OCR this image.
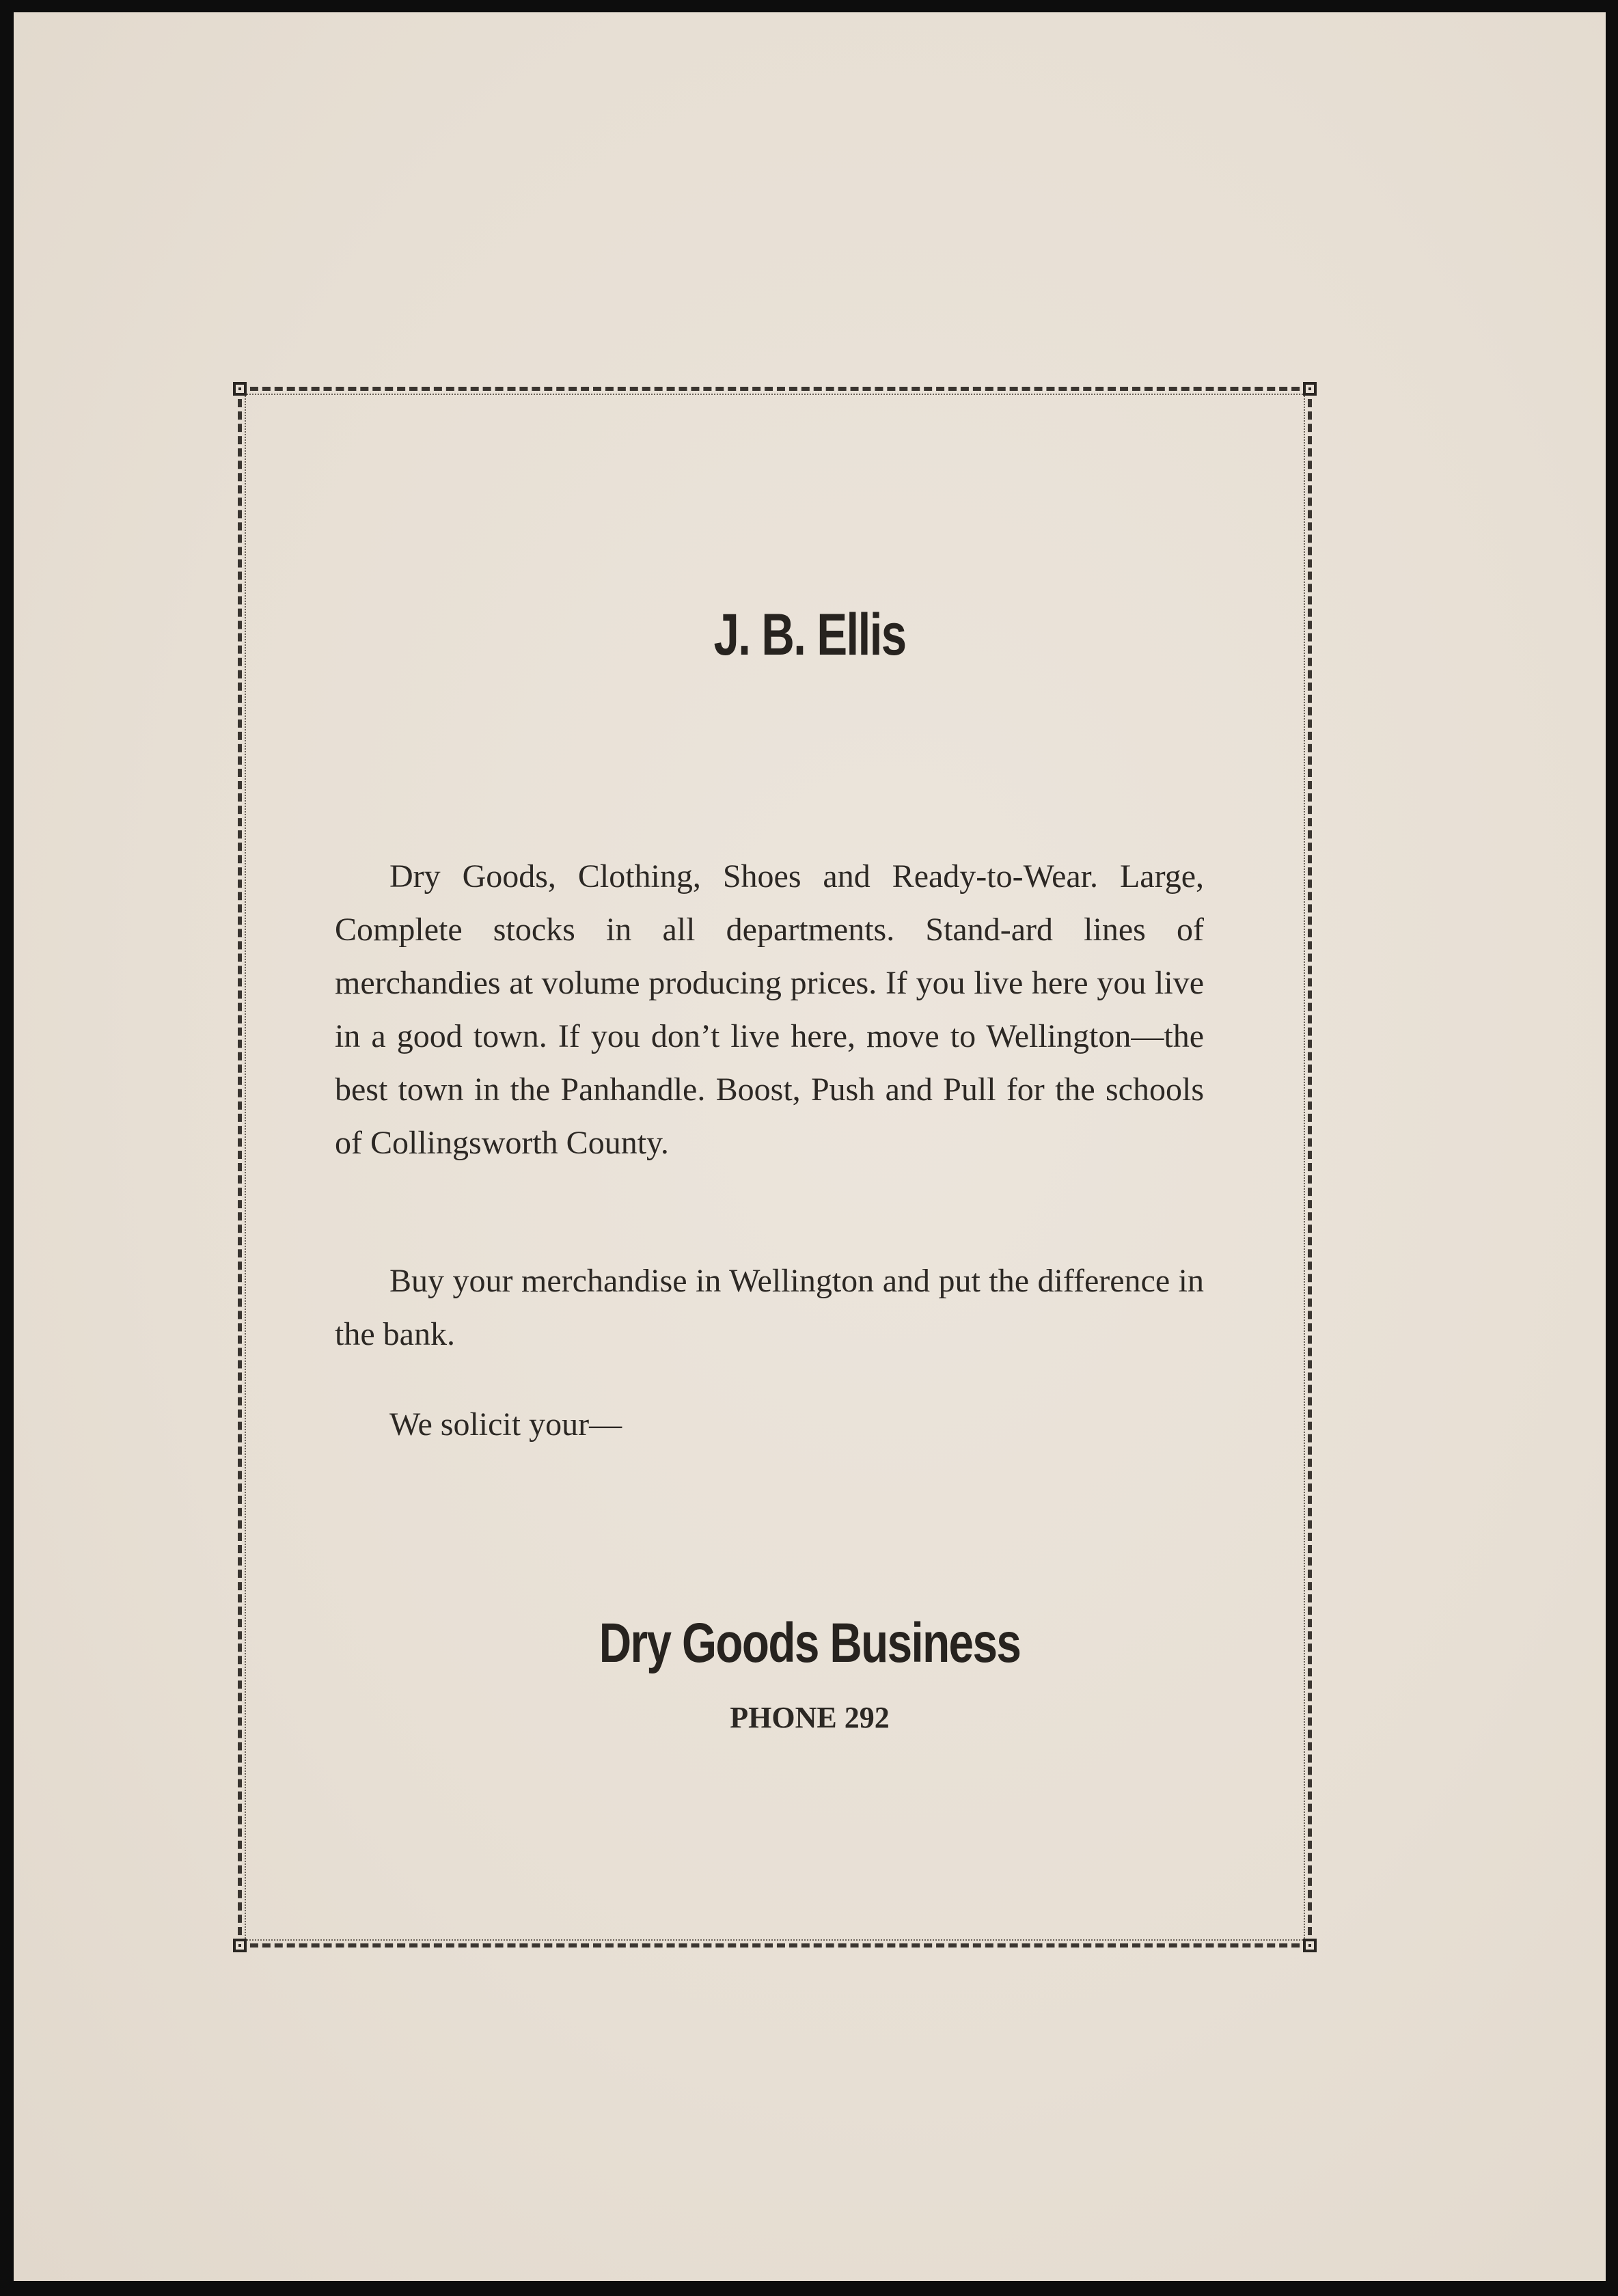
J. B. Ellis

Dry Goods, Clothing, Shoes and Ready-to-Wear. Large, Complete stocks in all departments. Stand-ard lines of merchandies at volume producing prices. If you live here you live in a good town. If you don’t live here, move to Wellington—the best town in the Panhandle. Boost, Push and Pull for the schools of Collingsworth County.

Buy your merchandise in Wellington and put the difference in the bank.

We solicit your—

Dry Goods Business
PHONE 292
